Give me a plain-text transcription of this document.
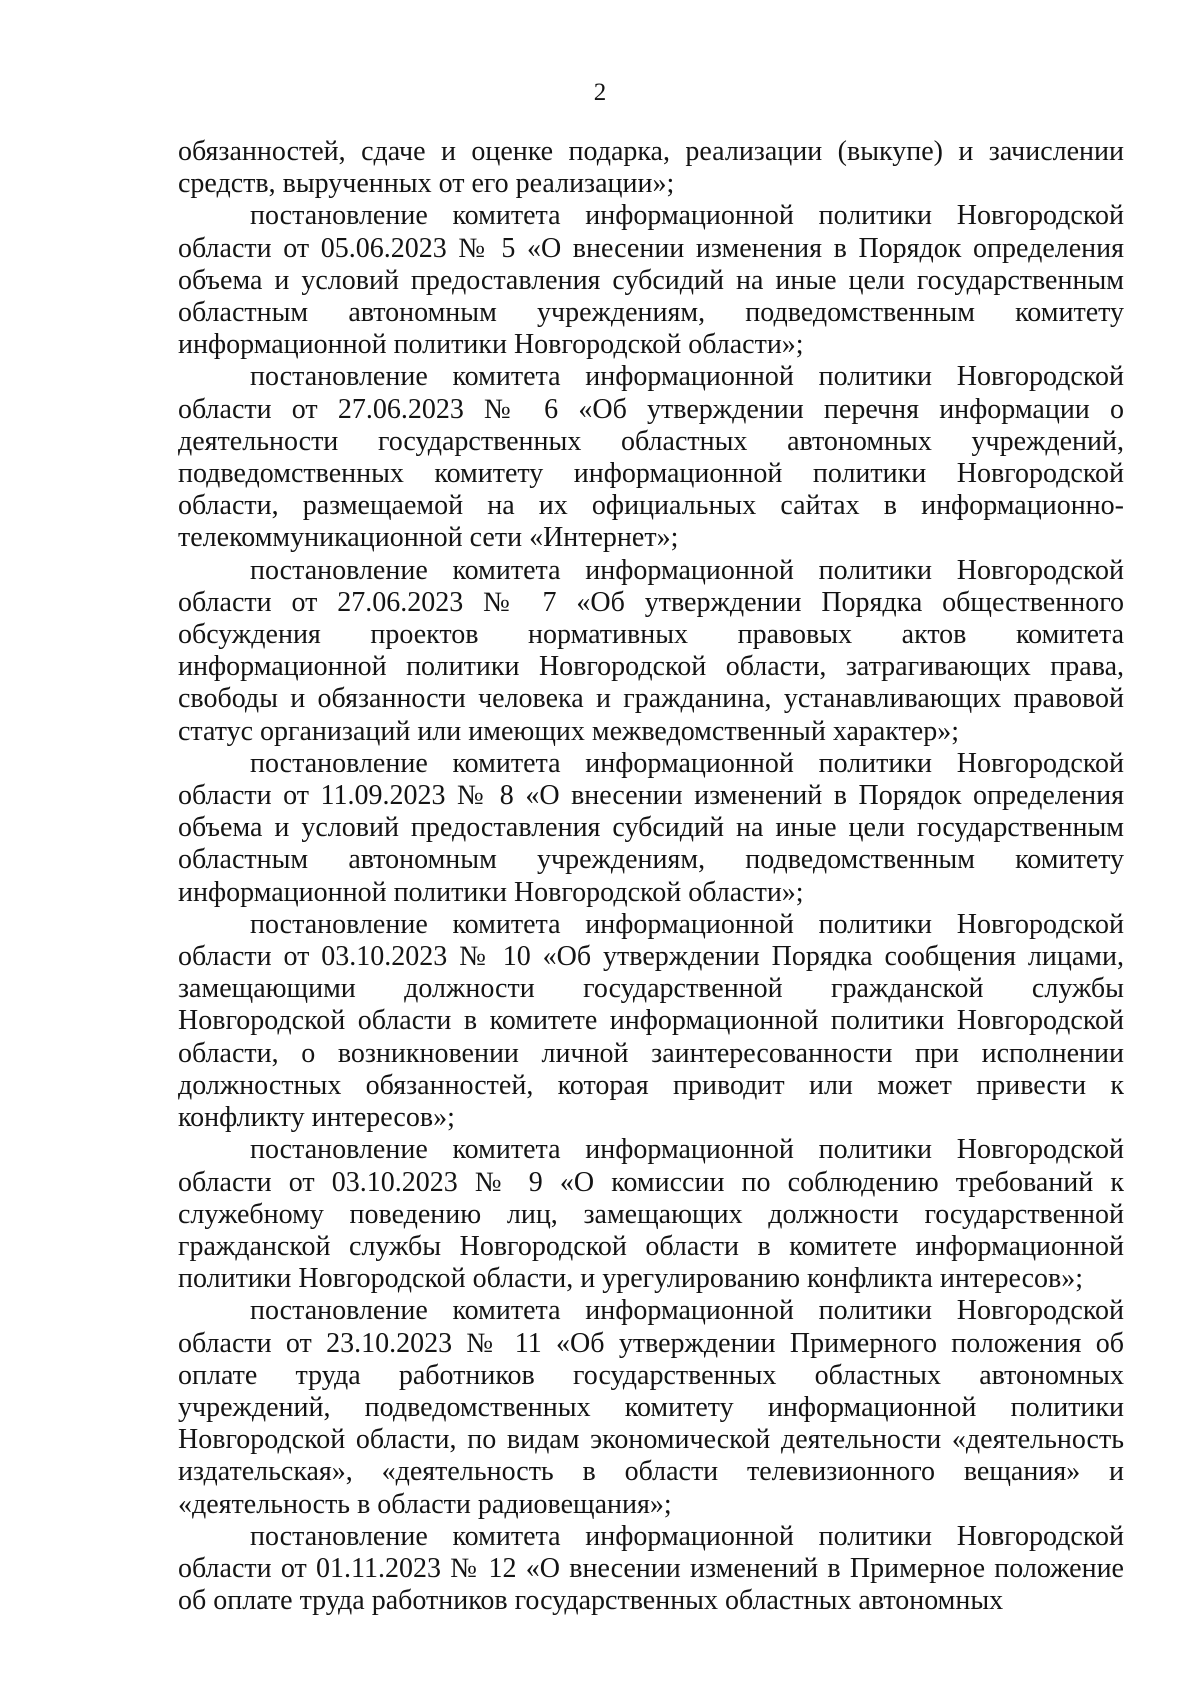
2

обязанностей, сдаче и оценке подарка, реализации (выкупе) и зачислении средств, вырученных от его реализации»;

постановление комитета информационной политики Новгородской области от 05.06.2023 № 5 «О внесении изменения в Порядок определения объема и условий предоставления субсидий на иные цели государственным областным автономным учреждениям, подведомственным комитету информационной политики Новгородской области»;

постановление комитета информационной политики Новгородской области от 27.06.2023 № 6 «Об утверждении перечня информации о деятельности государственных областных автономных учреждений, подведомственных комитету информационной политики Новгородской области, размещаемой на их официальных сайтах в информационно-телекоммуникационной сети «Интернет»;

постановление комитета информационной политики Новгородской области от 27.06.2023 № 7 «Об утверждении Порядка общественного обсуждения проектов нормативных правовых актов комитета информационной политики Новгородской области, затрагивающих права, свободы и обязанности человека и гражданина, устанавливающих правовой статус организаций или имеющих межведомственный характер»;

постановление комитета информационной политики Новгородской области от 11.09.2023 № 8 «О внесении изменений в Порядок определения объема и условий предоставления субсидий на иные цели государственным областным автономным учреждениям, подведомственным комитету информационной политики Новгородской области»;

постановление комитета информационной политики Новгородской области от 03.10.2023 № 10 «Об утверждении Порядка сообщения лицами, замещающими должности государственной гражданской службы Новгородской области в комитете информационной политики Новгородской области, о возникновении личной заинтересованности при исполнении должностных обязанностей, которая приводит или может привести к конфликту интересов»;

постановление комитета информационной политики Новгородской области от 03.10.2023 № 9 «О комиссии по соблюдению требований к служебному поведению лиц, замещающих должности государственной гражданской службы Новгородской области в комитете информационной политики Новгородской области, и урегулированию конфликта интересов»;

постановление комитета информационной политики Новгородской области от 23.10.2023 № 11 «Об утверждении Примерного положения об оплате труда работников государственных областных автономных учреждений, подведомственных комитету информационной политики Новгородской области, по видам экономической деятельности «деятельность издательская», «деятельность в области телевизионного вещания» и «деятельность в области радиовещания»;

постановление комитета информационной политики Новгородской области от 01.11.2023 № 12 «О внесении изменений в Примерное положение об оплате труда работников государственных областных автономных
